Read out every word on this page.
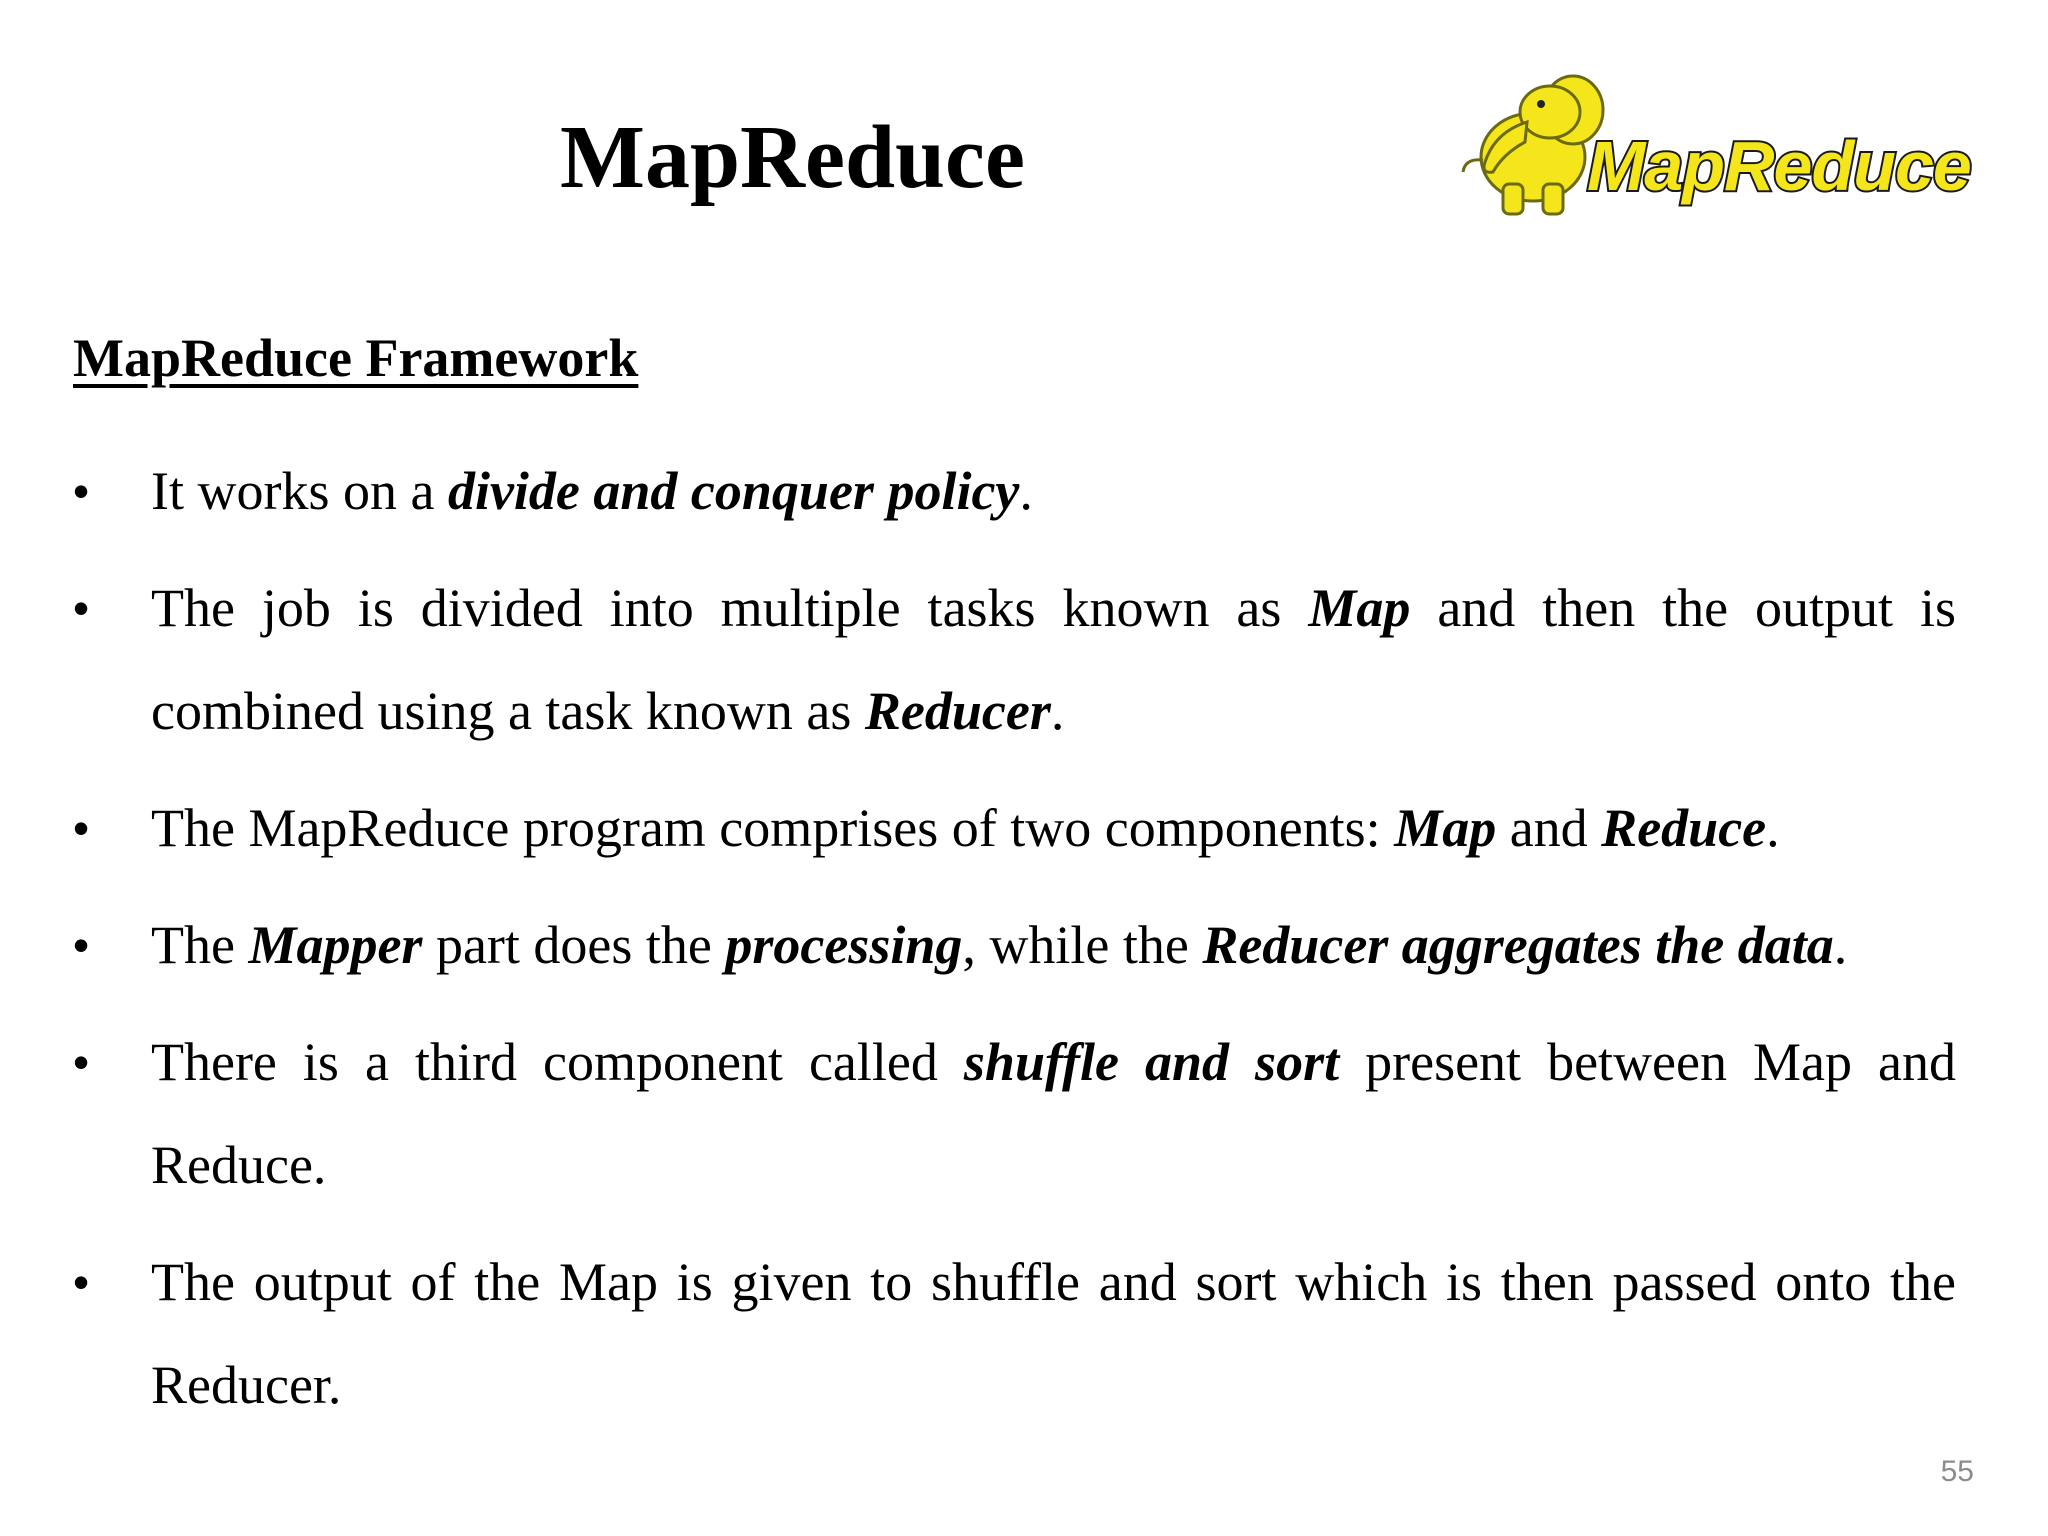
MapReduce	MapReduce
MapReduce Framework
•	It works on a divide and conquer policy.
•	The job is divided into multiple tasks known as Map and then the output is combined using a task known as Reducer.
•	The MapReduce program comprises of two components: Map and Reduce.
•	The Mapper part does the processing, while the Reducer aggregates the data.
•	There is a third component called shuffle and sort present between Map and Reduce.
•	The output of the Map is given to shuffle and sort which is then passed onto the Reducer.
55
